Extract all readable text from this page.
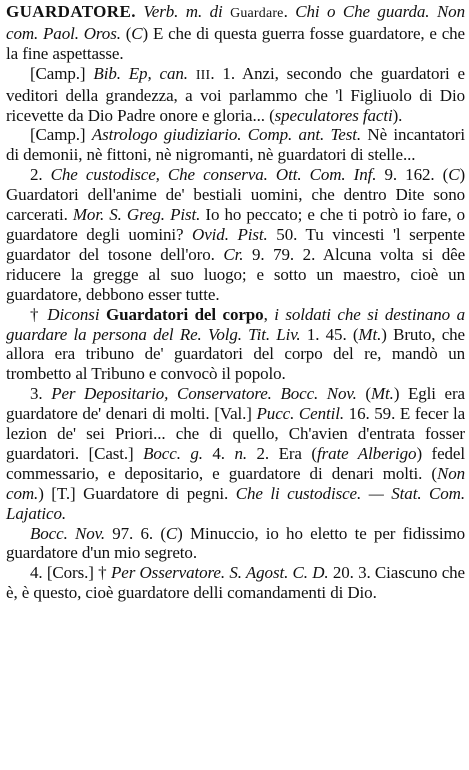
GUARDATORE. Verb. m. di Guardare. Chi o Che guarda. Non com. Paol. Oros. (C) E che di questa guerra fosse guardatore, e che la fine aspettasse.

[Camp.] Bib. Ep, can. III. 1. Anzi, secondo che guardatori e veditori della grandezza, a voi parlammo che 'l Figliuolo di Dio ricevette da Dio Padre onore e gloria... (speculatores facti).

[Camp.] Astrologo giudiziario. Comp. ant. Test. Nè incantatori di demonii, nè fittoni, nè nigromanti, nè guardatori di stelle...

2. Che custodisce, Che conserva. Ott. Com. Inf. 9. 162. (C) Guardatori dell'anime de' bestiali uomini, che dentro Dite sono carcerati. Mor. S. Greg. Pist. Io ho peccato; e che ti potrò io fare, o guardatore degli uomini? Ovid. Pist. 50. Tu vincesti 'l serpente guardator del tosone dell'oro. Cr. 9. 79. 2. Alcuna volta si dêe riducere la gregge al suo luogo; e sotto un maestro, cioè un guardatore, debbono esser tutte.

† Diconsi Guardatori del corpo, i soldati che si destinano a guardare la persona del Re. Volg. Tit. Liv. 1. 45. (Mt.) Bruto, che allora era tribuno de' guardatori del corpo del re, mandò un trombetto al Tribuno e convocò il popolo.

3. Per Depositario, Conservatore. Bocc. Nov. (Mt.) Egli era guardatore de' denari di molti. [Val.] Pucc. Centil. 16. 59. E fecer la lezion de' sei Priori... che di quello, Ch'avien d'entrata fosser guardatori. [Cast.] Bocc. g. 4. n. 2. Era (frate Alberigo) fedel commessario, e depositario, e guardatore di denari molti. (Non com.) [T.] Guardatore di pegni. Che li custodisce. — Stat. Com. Lajatico.

Bocc. Nov. 97. 6. (C) Minuccio, io ho eletto te per fidissimo guardatore d'un mio segreto.

4. [Cors.] † Per Osservatore. S. Agost. C. D. 20. 3. Ciascuno che è, è questo, cioè guardatore delli comandamenti di Dio.
